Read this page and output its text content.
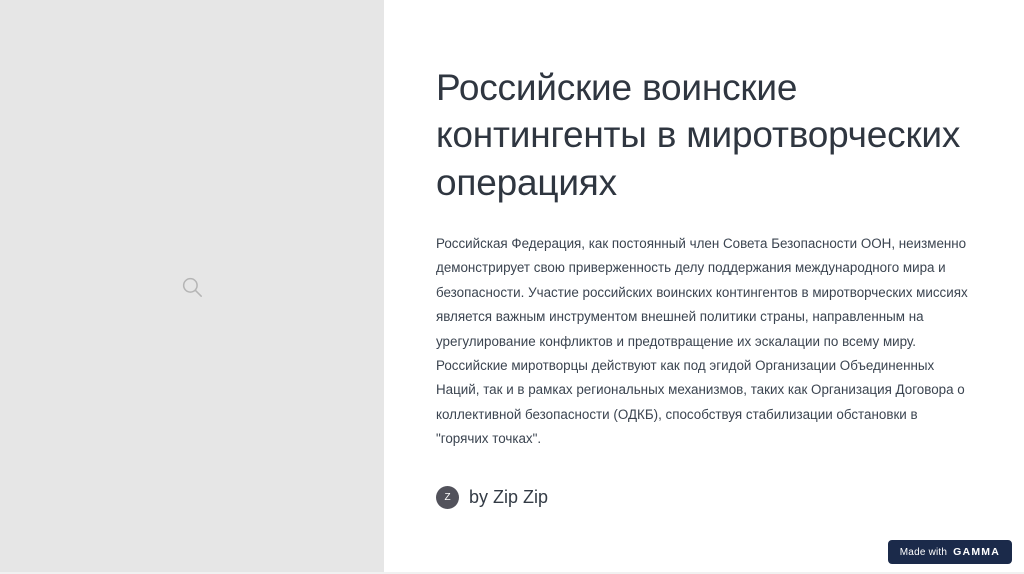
Российские воинские контингенты в миротворческих операциях

Российская Федерация, как постоянный член Совета Безопасности ООН, неизменно демонстрирует свою приверженность делу поддержания международного мира и безопасности. Участие российских воинских контингентов в миротворческих миссиях является важным инструментом внешней политики страны, направленным на урегулирование конфликтов и предотвращение их эскалации по всему миру. Российские миротворцы действуют как под эгидой Организации Объединенных Наций, так и в рамках региональных механизмов, таких как Организация Договора о коллективной безопасности (ОДКБ), способствуя стабилизации обстановки в "горячих точках".

Z	by Zip Zip
Made with GAMMA
